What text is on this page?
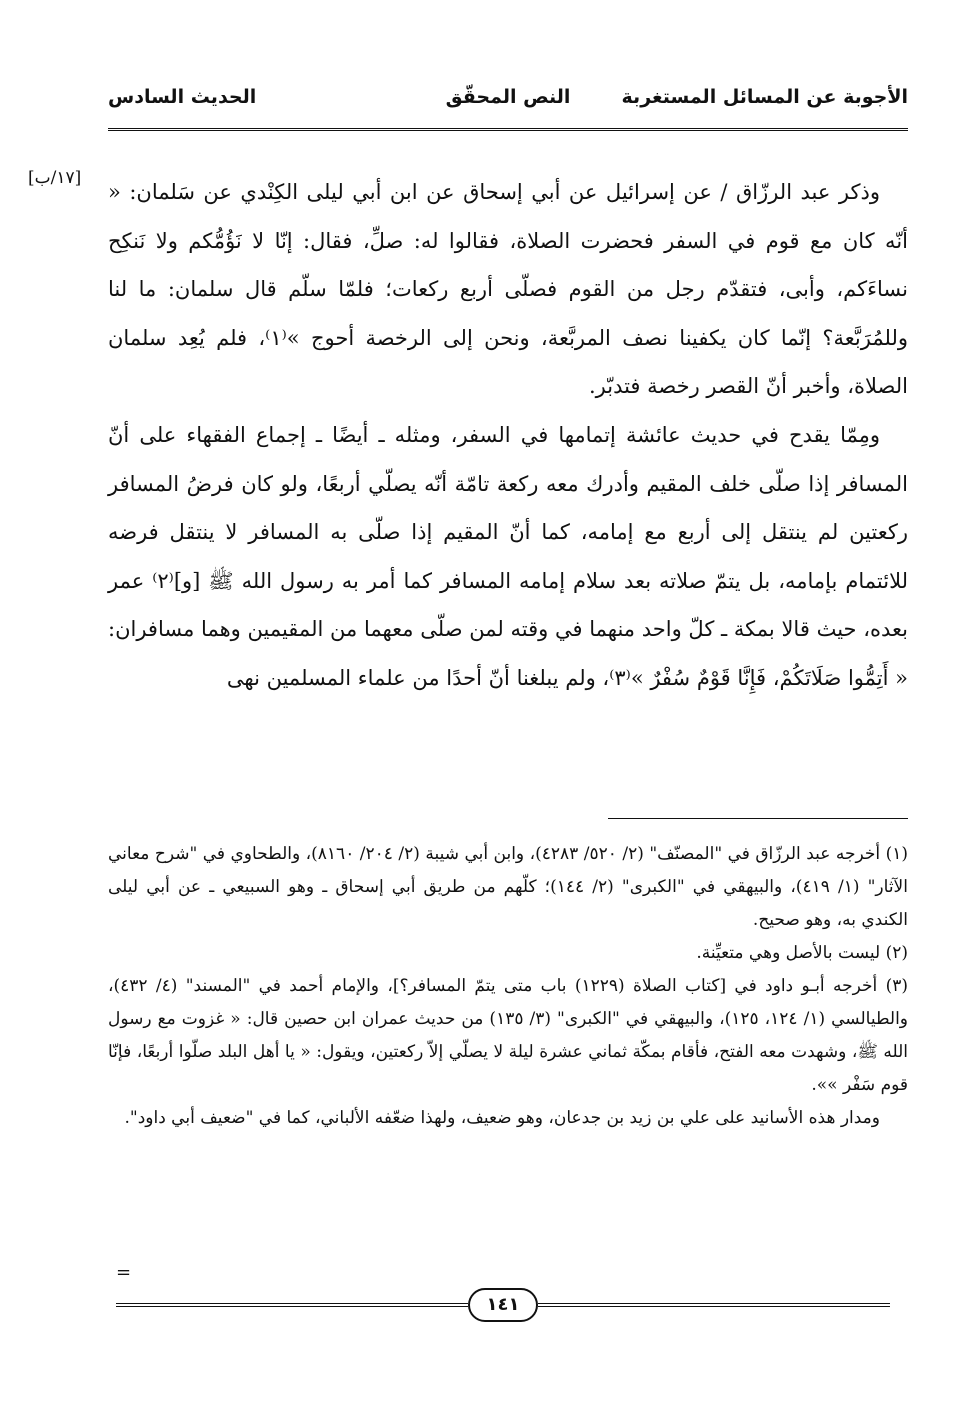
الأجوبة عن المسائل المستغربة
النص المحقّق
الحديث السادس
[١٧/ب]

وذكر عبد الرزّاق / عن إسرائيل عن أبي إسحاق عن ابن أبي ليلى الكِنْدي عن سَلمان: « أنّه كان مع قوم في السفر فحضرت الصلاة، فقالوا له: صلِّ، فقال: إنّا لا نَؤُمُّكم ولا نَنكِح نساءَكم، وأبى، فتقدّم رجل من القوم فصلّى أربع ركعات؛ فلمّا سلّم قال سلمان: ما لنا وللمُرَبَّعة؟ إنّما كان يكفينا نصف المربَّعة، ونحن إلى الرخصة أحوج »⁽١⁾، فلم يُعِد سلمان الصلاة، وأخبر أنّ القصر رخصة فتدبّر.

ومِمّا يقدح في حديث عائشة إتمامها في السفر، ومثله ـ أيضًا ـ إجماع الفقهاء على أنّ المسافر إذا صلّى خلف المقيم وأدرك معه ركعة تامّة أنّه يصلّي أربعًا، ولو كان فرضُ المسافر ركعتين لم ينتقل إلى أربع مع إمامه، كما أنّ المقيم إذا صلّى به المسافر لا ينتقل فرضه للائتمام بإمامه، بل يتمّ صلاته بعد سلام إمامه المسافر كما أمر به رسول الله ﷺ [و]⁽٢⁾ عمر بعده، حيث قالا بمكة ـ كلّ واحد منهما في وقته لمن صلّى معهما من المقيمين وهما مسافران: « أَتِمُّوا صَلَاتَكُمْ، فَإِنَّا قَوْمٌ سُفْرٌ »⁽٣⁾، ولم يبلغنا أنّ أحدًا من علماء المسلمين نهى

(١) أخرجه عبد الرزّاق في "المصنّف" (٢/ ٥٢٠/ ٤٢٨٣)، وابن أبي شيبة (٢/ ٢٠٤/ ٨١٦٠)، والطحاوي في "شرح معاني الآثار" (١/ ٤١٩)، والبيهقي في "الكبرى" (٢/ ١٤٤)؛ كلّهم من طريق أبي إسحاق ـ وهو السبيعي ـ عن أبي ليلى الكندي به، وهو صحيح.

(٢) ليست بالأصل وهي متعيِّنة.

(٣) أخرجه أبـو داود في [كتاب الصلاة (١٢٢٩) باب متى يتمّ المسافر؟]، والإمام أحمد في "المسند" (٤/ ٤٣٢)، والطيالسي (١/ ١٢٤، ١٢٥)، والبيهقي في "الكبرى" (٣/ ١٣٥) من حديث عمران ابن حصين قال: « غزوت مع رسول الله ﷺ، وشهدت معه الفتح، فأقام بمكّة ثماني عشرة ليلة لا يصلّي إلاّ ركعتين، ويقول: « يا أهل البلد صلّوا أربعًا، فإنّا قوم سَفْر »».

ومدار هذه الأسانيد على علي بن زيد بن جدعان، وهو ضعيف، ولهذا ضعّفه الألباني، كما في "ضعيف أبي داود".

=
١٤١
